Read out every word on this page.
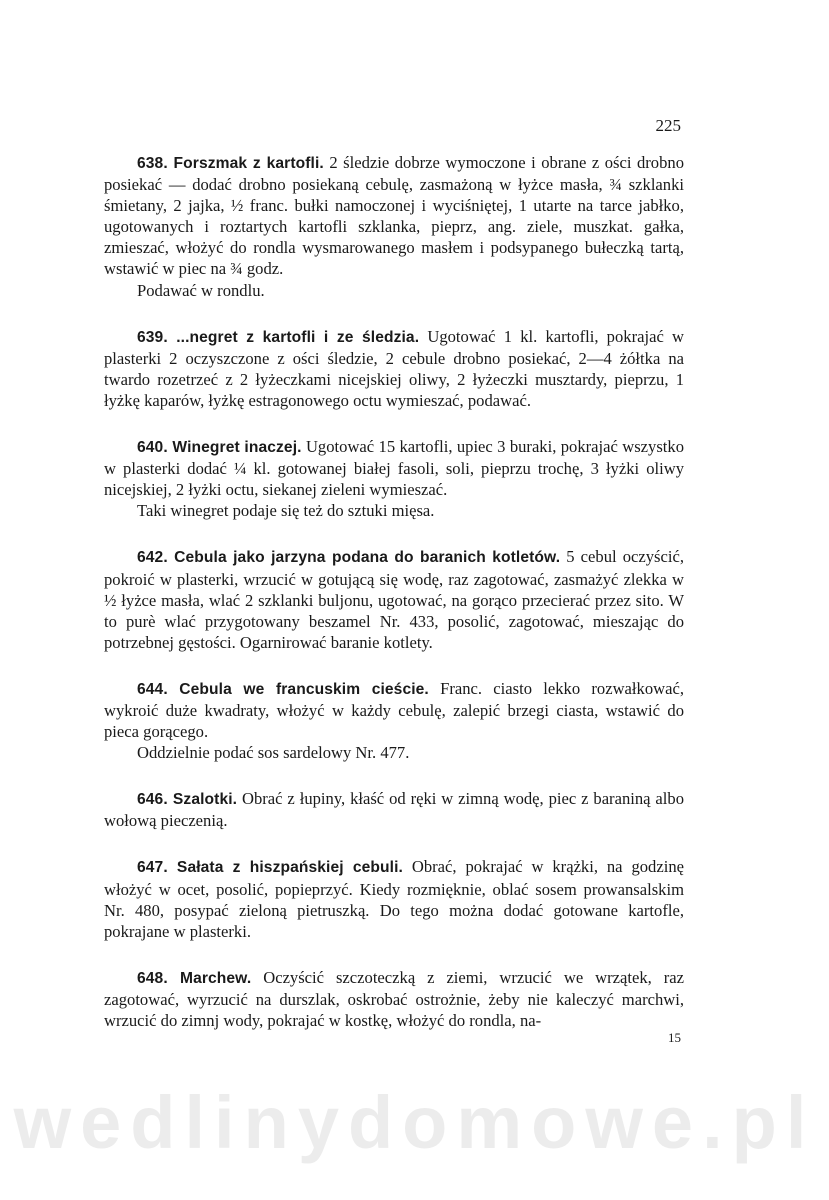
225

638. Forszmak z kartofli. 2 śledzie dobrze wymoczone i obrane z ości drobno posiekać — dodać drobno posiekaną cebulę, zasmażoną w łyżce masła, ¾ szklanki śmietany, 2 jajka, ½ franc. bułki namoczonej i wyciśniętej, 1 utarte na tarce jabłko, ugotowanych i roztartych kartofli szklanka, pieprz, ang. ziele, muszkat. gałka, zmieszać, włożyć do rondla wysmarowanego masłem i podsypanego bułeczką tartą, wstawić w piec na ¾ godz.

Podawać w rondlu.

639. ...negret z kartofli i ze śledzia. Ugotować 1 kl. kartofli, pokrajać w plasterki 2 oczyszczone z ości śledzie, 2 cebule drobno posiekać, 2—4 żółtka na twardo rozetrzeć z 2 łyżeczkami nicejskiej oliwy, 2 łyżeczki musztardy, pieprzu, 1 łyżkę kaparów, łyżkę estragonowego octu wymieszać, podawać.

640. Winegret inaczej. Ugotować 15 kartofli, upiec 3 buraki, pokrajać wszystko w plasterki dodać ¼ kl. gotowanej białej fasoli, soli, pieprzu trochę, 3 łyżki oliwy nicejskiej, 2 łyżki octu, siekanej zieleni wymieszać.

Taki winegret podaje się też do sztuki mięsa.

642. Cebula jako jarzyna podana do baranich kotletów. 5 cebul oczyścić, pokroić w plasterki, wrzucić w gotującą się wodę, raz zagotować, zasmażyć zlekka w ½ łyżce masła, wlać 2 szklanki bulјonu, ugotować, na gorąco przecierać przez sito. W to purè wlać przygotowany beszamel Nr. 433, posolić, zagotować, mieszając do potrzebnej gęstości. Ogarnirować baranie kotlety.

644. Cebula we francuskim cieście. Franc. ciasto lekko rozwałkować, wykroić duże kwadraty, włożyć w każdy cebulę, zalepić brzegi ciasta, wstawić do pieca gorącego.

Oddzielnie podać sos sardelowy Nr. 477.

646. Szalotki. Obrać z łupiny, kłaść od ręki w zimną wodę, piec z baraniną albo wołową pieczenią.

647. Sałata z hiszpańskiej cebuli. Obrać, pokrajać w krążki, na godzinę włożyć w ocet, posolić, popieprzyć. Kiedy rozmięknie, oblać sosem prowansalskim Nr. 480, posypać zieloną pietruszką. Do tego można dodać gotowane kartofle, pokrajane w plasterki.

648. Marchew. Oczyścić szczoteczką z ziemi, wrzucić we wrzątek, raz zagotować, wyrzucić na durszlak, oskrobać ostrożnie, żeby nie kaleczyć marchwi, wrzucić do zimnj wody, pokrajać w kostkę, włożyć do rondla, na-

15
wedlinydomowe.pl
